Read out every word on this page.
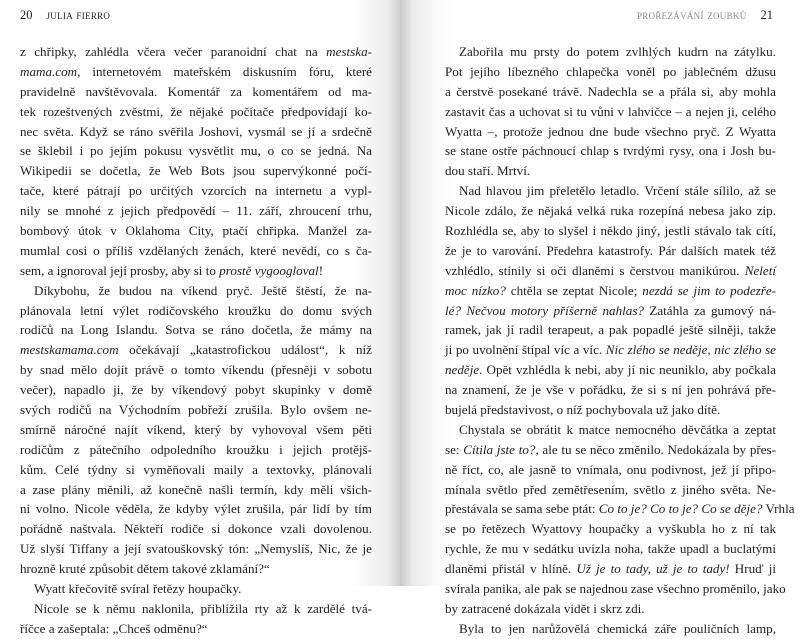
20 julia fierro
z chřipky, zahlédla včera večer paranoidní chat na mestska-
mama.com, internetovém mateřském diskusním fóru, které
pravidelně navštěvovala. Komentář za komentářem od ma-
tek rozeštvených zvěstmi, že nějaké počítače předpovídají ko-
nec světa. Když se ráno svěřila Joshovi, vysmál se jí a srdečně
se šklebil i po jejím pokusu vysvětlit mu, o co se jedná. Na
Wikipedii se dočetla, že Web Bots jsou supervýkonné počí-
tače, které pátrají po určitých vzorcích na internetu a vypl-
nily se mnohé z jejich předpovědí – 11. září, zhroucení trhu,
bombový útok v Oklahoma City, ptačí chřipka. Manžel za-
mumlal cosi o příliš vzdělaných ženách, které nevědí, co s ča-
sem, a ignoroval její prosby, aby si to prostě vygoogloval!
Díkybohu, že budou na víkend pryč. Ještě štěstí, že na-
plánovala letní výlet rodičovského kroužku do domu svých
rodičů na Long Islandu. Sotva se ráno dočetla, že mámy na
mestskamama.com očekávají „katastrofickou událost“, k níž
by snad mělo dojít právě o tomto víkendu (přesněji v sobotu
večer), napadlo ji, že by víkendový pobyt skupinky v domě
svých rodičů na Východním pobřeží zrušila. Bylo ovšem ne-
smírně náročné najít víkend, který by vyhovoval všem pěti
rodičům z pátečního odpoledního kroužku i jejich protějš-
kům. Celé týdny si vyměňovali maily a textovky, plánovali
a zase plány měnili, až konečně našli termín, kdy měli všich-
ni volno. Nicole věděla, že kdyby výlet zrušila, pár lidí by tím
pořádně naštvala. Někteří rodiče si dokonce vzali dovolenou.
Už slyší Tiffany a její svatouškovský tón: „Nemyslíš, Nic, že je
hrozně kruté způsobit dětem takové zklamání?“
Wyatt křečovitě svíral řetězy houpačky.
Nicole se k němu naklonila, přiblížila rty až k zardělé tvá-
říčce a zašeptala: „Chceš odměnu?“
prořezávání zoubků 21
Zabořila mu prsty do potem zvlhlých kudrn na zátylku.
Pot jejího líbezného chlapečka voněl po jablečném džusu
a čerstvě posekané trávě. Nadechla se a přála si, aby mohla
zastavit čas a uchovat si tu vůni v lahvičce – a nejen ji, celého
Wyatta –, protože jednou dne bude všechno pryč. Z Wyatta
se stane ostře páchnoucí chlap s tvrdými rysy, ona i Josh bu-
dou staří. Mrtví.
Nad hlavou jim přeletělo letadlo. Vrčení stále sílilo, až se
Nicole zdálo, že nějaká velká ruka rozepíná nebesa jako zip.
Rozhlédla se, aby to slyšel i někdo jiný, jestli stávalo tak cítí,
že je to varování. Předehra katastrofy. Pár dalších matek též
vzhlédlo, stínily si oči dlaněmi s čerstvou manikúrou. Neletí
moc nízko? chtěla se zeptat Nicole; nezdá se jim to podezře-
lé? Nečvou motory příšerně nahlas? Zatáhla za gumový ná-
ramek, jak jí radil terapeut, a pak popadlé ještě silněji, takže
ji po uvolnění štípal víc a víc. Nic zlého se neděje, nic zlého se
neděje. Opět vzhlédla k nebi, aby jí nic neuniklo, aby počkala
na znamení, že je vše v pořádku, že si s ní jen pohrává pře-
bujelá představivost, o níž pochybovala už jako dítě.
Chystala se obrátit k matce nemocného děvčátka a zeptat
se: Cítila jste to?, ale tu se něco změnilo. Nedokázala by přes-
ně říct, co, ale jasně to vnímala, onu podivnost, jež jí připo-
mínala světlo před zemětřesením, světlo z jiného světa. Ne-
přestávala se sama sebe ptát: Co to je? Co to je? Co se děje? Vrhla
se po řetězech Wyattovy houpačky a vyškubla ho z ní tak
rychle, že mu v sedátku uvízla noha, takže upadl a buclatými
dlaněmi přistál v hlíně. Už je to tady, už je to tady! Hruď ji
svírala panika, ale pak se najednou zase všechno proměnilo, jako
by zatracené dokázala vidět i skrz zdi.
Byla to jen narůžovělá chemická záře pouličních lamp,
